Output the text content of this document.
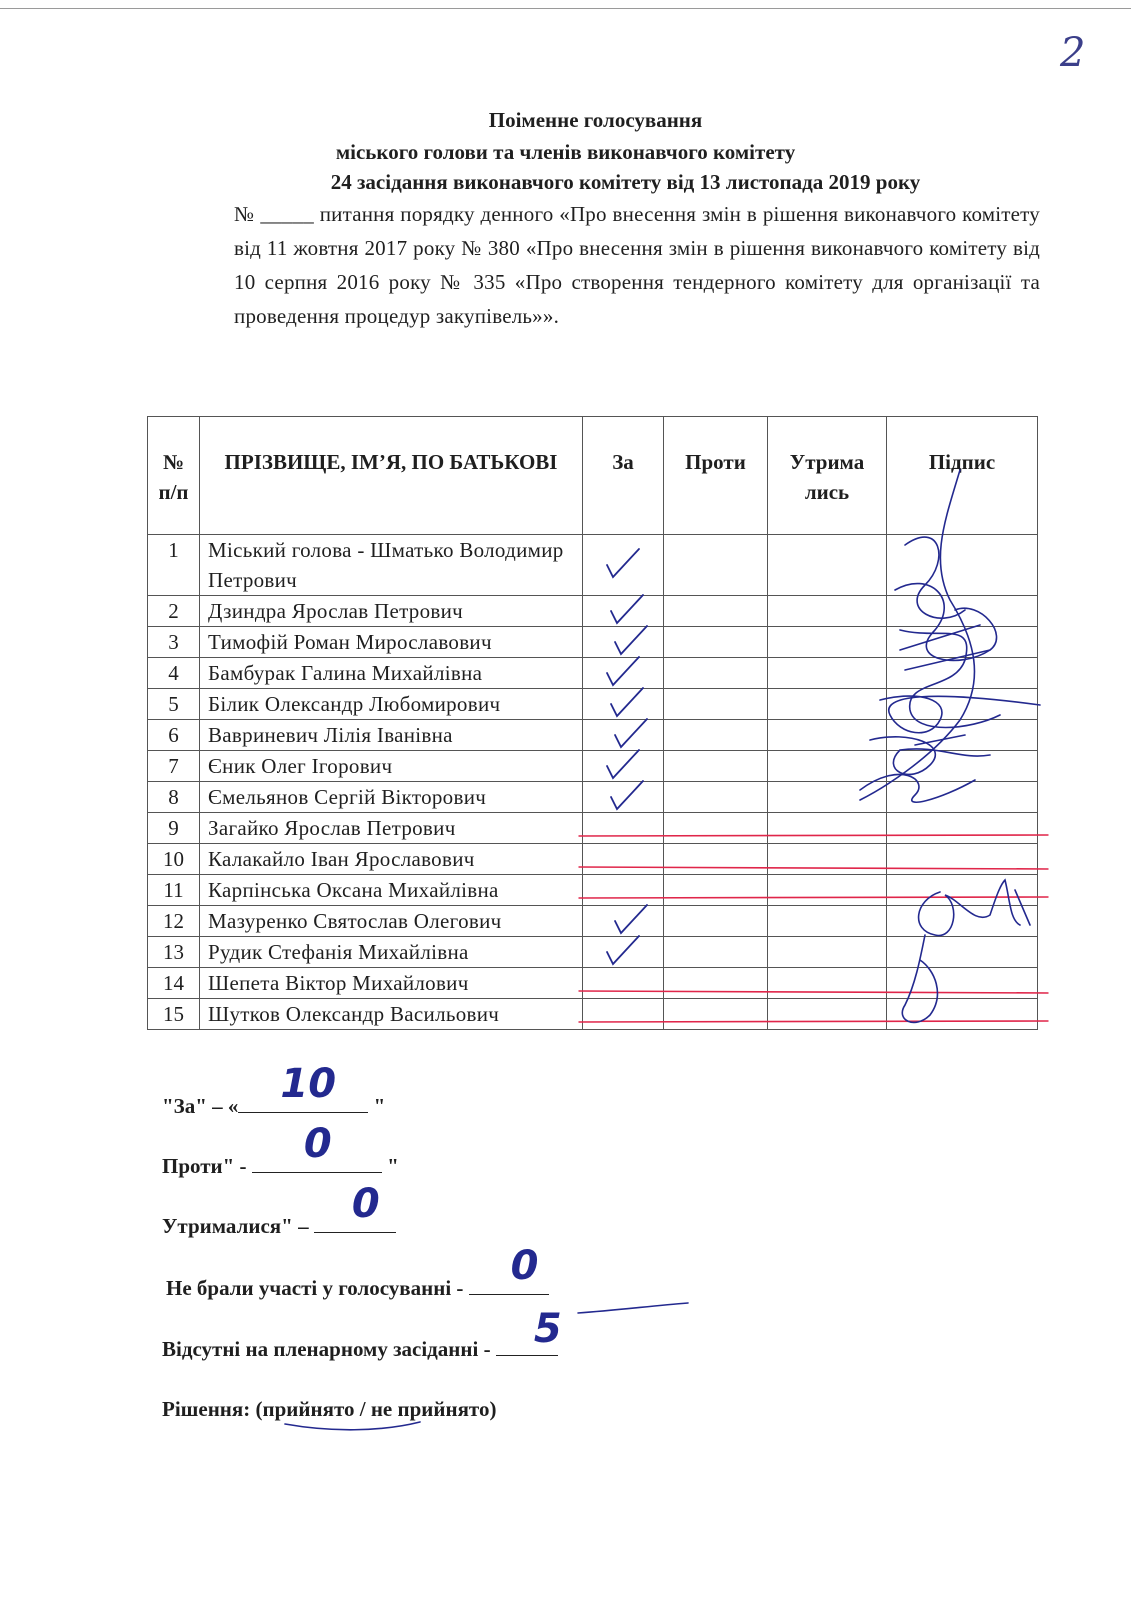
2
Поіменне голосування
міського голови та членів виконавчого комітету
24 засідання виконавчого комітету від 13 листопада 2019 року
№ _____ питання порядку денного «Про внесення змін в рішення виконавчого комітету від 11 жовтня 2017 року № 380 «Про внесення змін в рішення виконавчого комітету від 10 серпня 2016 року № 335 «Про створення тендерного комітету для організації та проведення процедур закупівель»».
№ п/п	ПРІЗВИЩЕ, ІМ’Я, ПО БАТЬКОВІ	За	Проти	Утрима лись	Підпис
1	Міський голова - Шматько Володимир Петрович				
2	Дзиндра Ярослав Петрович				
3	Тимофій Роман Мирославович				
4	Бамбурак Галина Михайлівна				
5	Білик Олександр Любомирович				
6	Вавриневич Лілія Іванівна				
7	Єник Олег Ігорович				
8	Ємельянов Сергій Вікторович				
9	Загайко Ярослав Петрович				
10	Калакайло Іван Ярославович				
11	Карпінська Оксана Михайлівна				
12	Мазуренко Святослав Олегович				
13	Рудик Стефанія Михайлівна				
14	Шепета Віктор Михайлович				
15	Шутков Олександр Васильович				
"За" – « 10 "
Проти" - 0	"
Утрималися" – 0
Не брали участі у голосуванні - 0
Відсутні на пленарному засіданні - 5
Рішення: (прийнято / не прийнято)
